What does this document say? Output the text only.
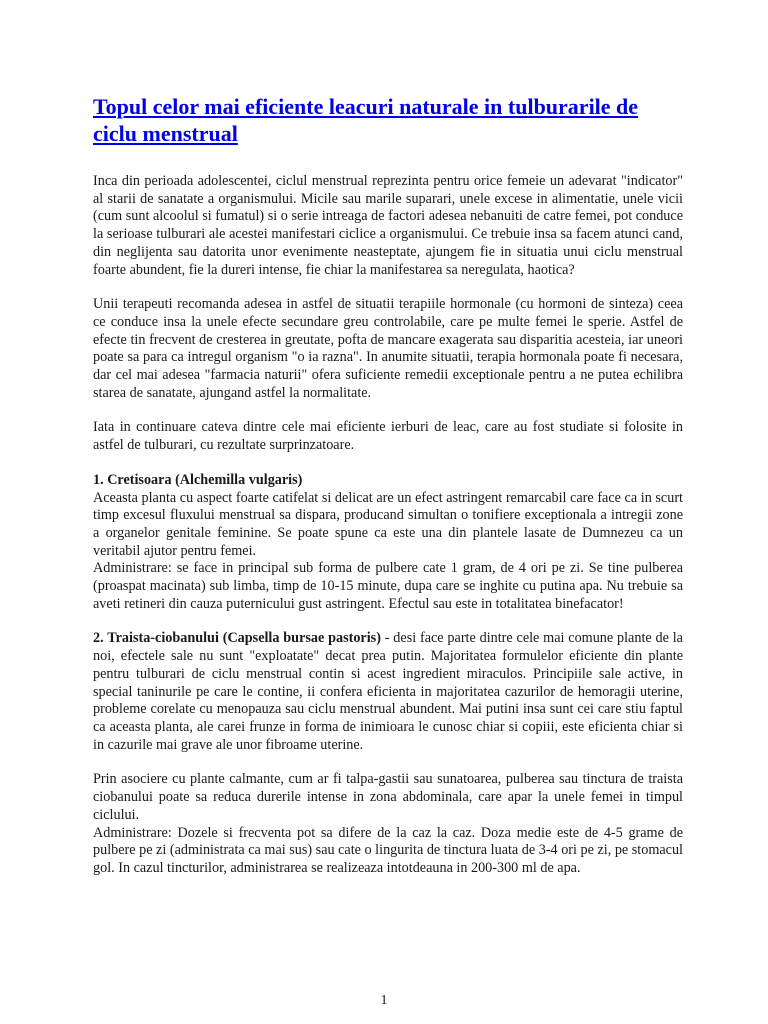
Topul celor mai eficiente leacuri naturale in tulburarile de ciclu menstrual

Inca din perioada adolescentei, ciclul menstrual reprezinta pentru orice femeie un adevarat "indicator" al starii de sanatate a organismului. Micile sau marile suparari, unele excese in alimentatie, unele vicii (cum sunt alcoolul si fumatul) si o serie intreaga de factori adesea nebanuiti de catre femei, pot conduce la serioase tulburari ale acestei manifestari ciclice a organismului. Ce trebuie insa sa facem atunci cand, din neglijenta sau datorita unor evenimente neasteptate, ajungem fie in situatia unui ciclu menstrual foarte abundent, fie la dureri intense, fie chiar la manifestarea sa neregulata, haotica?

Unii terapeuti recomanda adesea in astfel de situatii terapiile hormonale (cu hormoni de sinteza) ceea ce conduce insa la unele efecte secundare greu controlabile, care pe multe femei le sperie. Astfel de efecte tin frecvent de cresterea in greutate, pofta de mancare exagerata sau disparitia acesteia, iar uneori poate sa para ca intregul organism "o ia razna". In anumite situatii, terapia hormonala poate fi necesara, dar cel mai adesea "farmacia naturii" ofera suficiente remedii exceptionale pentru a ne putea echilibra starea de sanatate, ajungand astfel la normalitate.

Iata in continuare cateva dintre cele mai eficiente ierburi de leac, care au fost studiate si folosite in astfel de tulburari, cu rezultate surprinzatoare.

1. Cretisoara (Alchemilla vulgaris)

Aceasta planta cu aspect foarte catifelat si delicat are un efect astringent remarcabil care face ca in scurt timp excesul fluxului menstrual sa dispara, producand simultan o tonifiere exceptionala a intregii zone a organelor genitale feminine. Se poate spune ca este una din plantele lasate de Dumnezeu ca un veritabil ajutor pentru femei.

Administrare: se face in principal sub forma de pulbere cate 1 gram, de 4 ori pe zi. Se tine pulberea (proaspat macinata) sub limba, timp de 10-15 minute, dupa care se inghite cu putina apa. Nu trebuie sa aveti retineri din cauza puternicului gust astringent. Efectul sau este in totalitatea binefacator!

2. Traista-ciobanului (Capsella bursae pastoris) - desi face parte dintre cele mai comune plante de la noi, efectele sale nu sunt "exploatate" decat prea putin. Majoritatea formulelor eficiente din plante pentru tulburari de ciclu menstrual contin si acest ingredient miraculos. Principiile sale active, in special taninurile pe care le contine, ii confera eficienta in majoritatea cazurilor de hemoragii uterine, probleme corelate cu menopauza sau ciclu menstrual abundent. Mai putini insa sunt cei care stiu faptul ca aceasta planta, ale carei frunze in forma de inimioara le cunosc chiar si copiii, este eficienta chiar si in cazurile mai grave ale unor fibroame uterine.

Prin asociere cu plante calmante, cum ar fi talpa-gastii sau sunatoarea, pulberea sau tinctura de traista ciobanului poate sa reduca durerile intense in zona abdominala, care apar la unele femei in timpul ciclului.

Administrare: Dozele si frecventa pot sa difere de la caz la caz. Doza medie este de 4-5 grame de pulbere pe zi (administrata ca mai sus) sau cate o lingurita de tinctura luata de 3-4 ori pe zi, pe stomacul gol. In cazul tincturilor, administrarea se realizeaza intotdeauna in 200-300 ml de apa.

1
